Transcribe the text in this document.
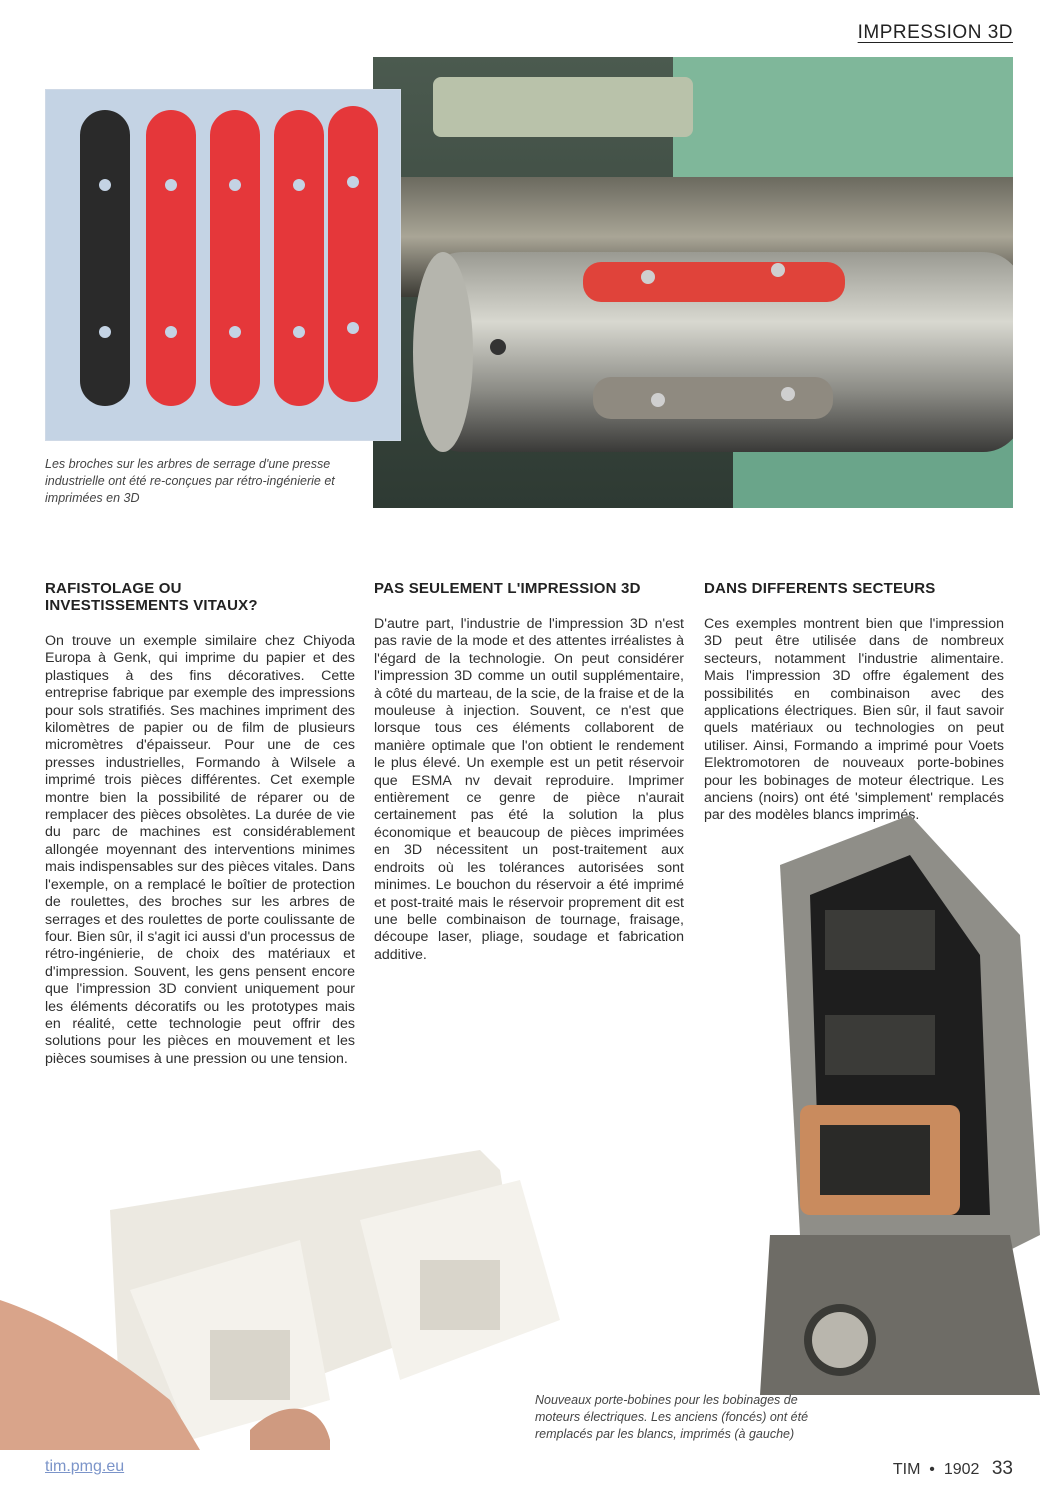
IMPRESSION 3D
Les broches sur les arbres de serrage d'une presse industrielle ont été re-conçues par rétro-ingénierie et imprimées en 3D
RAFISTOLAGE OU INVESTISSEMENTS VITAUX?

On trouve un exemple similaire chez Chiyoda Europa à Genk, qui imprime du papier et des plastiques à des fins décoratives. Cette entreprise fabrique par exemple des impressions pour sols stratifiés. Ses machines impriment des kilomètres de papier ou de film de plusieurs micromètres d'épaisseur. Pour une de ces presses industrielles, Formando à Wilsele a imprimé trois pièces différentes. Cet exemple montre bien la possibilité de réparer ou de remplacer des pièces obsolètes. La durée de vie du parc de machines est considérablement allongée moyennant des interventions minimes mais indispensables sur des pièces vitales. Dans l'exemple, on a remplacé le boîtier de protection de roulettes, des broches sur les arbres de serrages et des roulettes de porte coulissante de four. Bien sûr, il s'agit ici aussi d'un processus de rétro-ingénierie, de choix des matériaux et d'impression. Souvent, les gens pensent encore que l'impression 3D convient uniquement pour les éléments décoratifs ou les prototypes mais en réalité, cette technologie peut offrir des solutions pour les pièces en mouvement et les pièces soumises à une pression ou une tension.

PAS SEULEMENT L'IMPRESSION 3D

D'autre part, l'industrie de l'impression 3D n'est pas ravie de la mode et des attentes irréalistes à l'égard de la technologie. On peut considérer l'impression 3D comme un outil supplémentaire, à côté du marteau, de la scie, de la fraise et de la mouleuse à injection. Souvent, ce n'est que lorsque tous ces éléments collaborent de manière optimale que l'on obtient le rendement le plus élevé. Un exemple est un petit réservoir que ESMA nv devait reproduire. Imprimer entièrement ce genre de pièce n'aurait certainement pas été la solution la plus économique et beaucoup de pièces imprimées en 3D nécessitent un post-traitement aux endroits où les tolérances autorisées sont minimes. Le bouchon du réservoir a été imprimé et post-traité mais le réservoir proprement dit est une belle combinaison de tournage, fraisage, découpe laser, pliage, soudage et fabrication additive.

DANS DIFFERENTS SECTEURS

Ces exemples montrent bien que l'impression 3D peut être utilisée dans de nombreux secteurs, notamment l'industrie alimentaire. Mais l'impression 3D offre également des possibilités en combinaison avec des applications électriques. Bien sûr, il faut savoir quels matériaux ou technologies on peut utiliser. Ainsi, Formando a imprimé pour Voets Elektromotoren de nouveaux porte-bobines pour les bobinages de moteur électrique. Les anciens (noirs) ont été 'simplement' remplacés par des modèles blancs imprimés.

Nouveaux porte-bobines pour les bobinages de moteurs électriques. Les anciens (foncés) ont été remplacés par les blancs, imprimés (à gauche)
tim.pmg.eu	TIM  •  1902 33
